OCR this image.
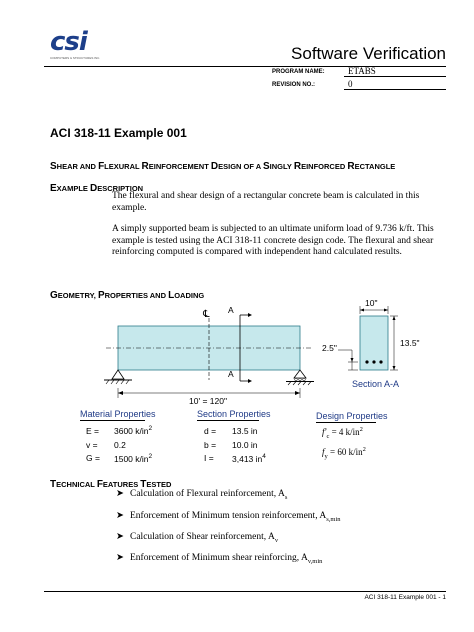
csi
COMPUTERS & STRUCTURES INC.	Software Verification
PROGRAM NAME:	ETABS
REVISION NO.:	0
ACI 318-11 Example 001
SHEAR AND FLEXURAL REINFORCEMENT DESIGN OF A SINGLY REINFORCED RECTANGLE
EXAMPLE DESCRIPTION
The flexural and shear design of a rectangular concrete beam is calculated in this example.
A simply supported beam is subjected to an ultimate uniform load of 9.736 k/ft. This example is tested using the ACI 318-11 concrete design code. The flexural and shear reinforcing computed is compared with independent hand calculated results.
GEOMETRY, PROPERTIES AND LOADING
℄ A
A
10' = 120"
10"
13.5"
2.5"
Section A-A
Material Properties
E = 3600 $k/in^2$
v = 0.2
G = 1500 $k/in^2$
Section Properties
d = 13.5 in
b = 10.0 in
I = 3,413 $in^4$
Design Properties
$f'_c = 4$ $k/in^2$
$f_y = 60$ $k/in^2$
TECHNICAL FEATURES TESTED
➤ Calculation of Flexural reinforcement, $A_s$
➤ Enforcement of Minimum tension reinforcement, $A_{s,min}$
➤ Calculation of Shear reinforcement, $A_v$
➤ Enforcement of Minimum shear reinforcing, $A_{v,min}$
ACI 318-11 Example 001 - 1
